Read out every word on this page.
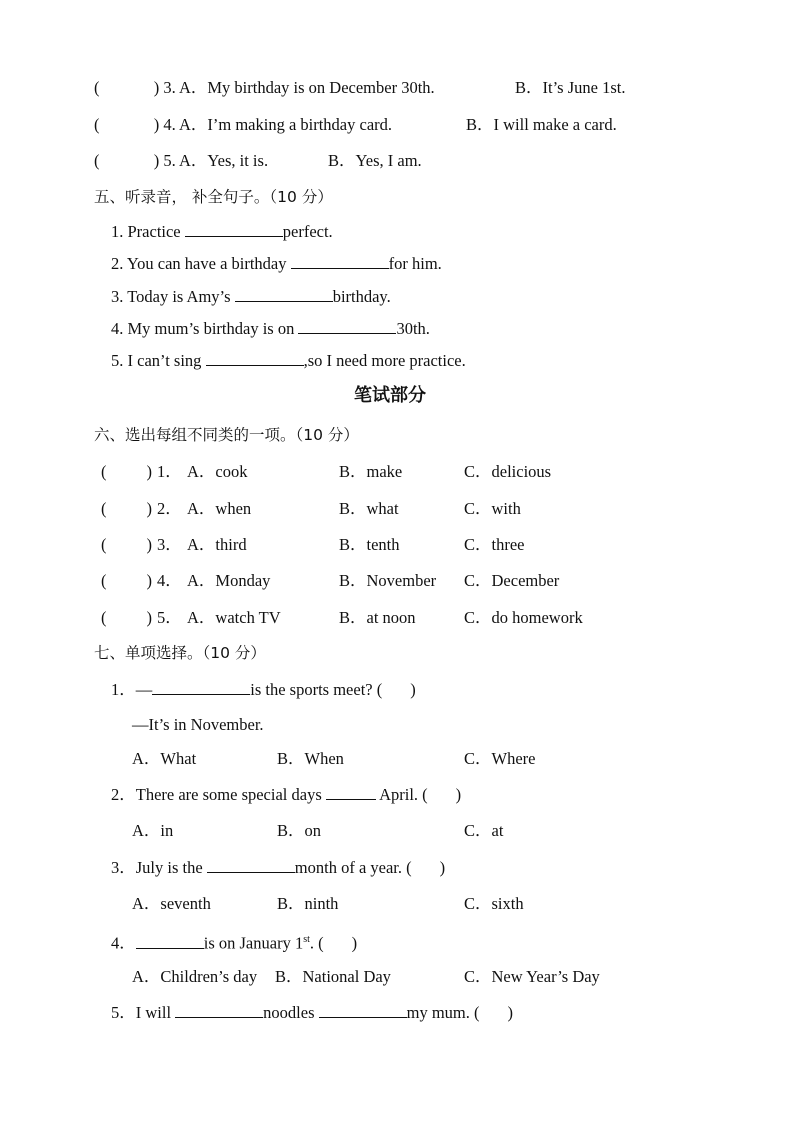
(	) 3. A．My birthday is on December 30th.	B．It’s June 1st.
(	) 4. A．I’m making a birthday card.	B．I will make a card.
(	) 5. A．Yes, it is.	B．Yes, I am.
五、听录音， 补全句子。（10 分）
1. Practice	perfect.
2. You can have a birthday	for him.
3. Today is Amy’s	birthday.
4. My mum’s birthday is on	30th.
5. I can’t sing	,so I need more practice.
笔试部分
六、选出每组不同类的一项。（10 分）
( ) 1． A．cook	B．make	C．delicious
( ) 2． A．when	B．what	C．with
( ) 3． A．third	B．tenth	C．three
( ) 4． A．Monday	B．November C．December
( ) 5． A．watch TV	B．at noon	C．do homework
七、单项选择。（10 分）
1．—	is the sports meet? ( )
—It’s in November.
A．What	B．When	C．Where
2．There are some special days	April. ( )
A．in	B．on	C．at
3．July is the	month of a year. ( )
A．seventh	B．ninth	C．sixth
4．	is on January 1st. ( )
A．Children’s day B．National Day	C．New Year’s Day
5．I will	noodles	my mum. ( )
